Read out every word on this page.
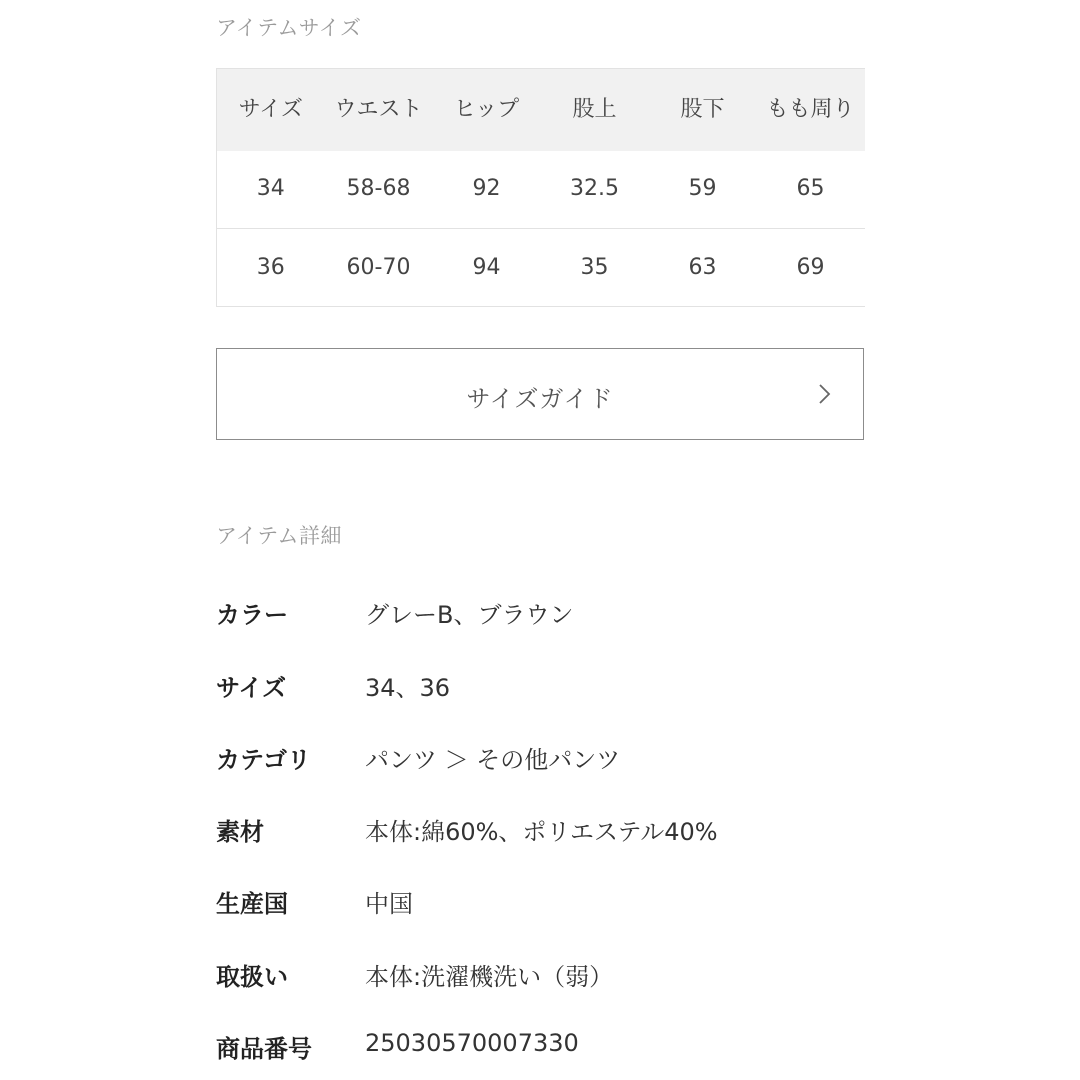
アイテムサイズ
サイズ	ウエスト	ヒップ	股上	股下	もも周り
34	58-68	92	32.5	59	65
36	60-70	94	35	63	69
サイズガイド
アイテム詳細
カラー	グレーB、ブラウン
サイズ	34、36
カテゴリ パンツ ＞ その他パンツ
素材	本体:綿60%、ポリエステル40%
生産国	中国
取扱い	本体:洗濯機洗い（弱）
商品番号 25030570007330
